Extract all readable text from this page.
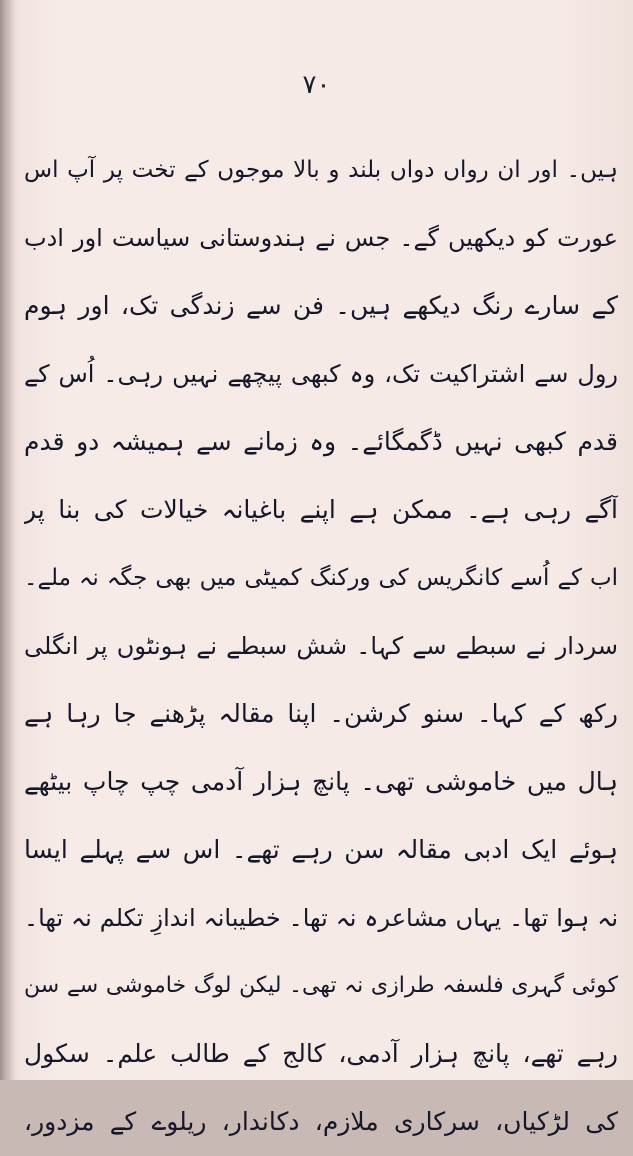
۷۰
ہیں۔ اور ان رواں دواں بلند و بالا موجوں کے تخت پر آپ اس
عورت کو دیکھیں گے۔ جس نے ہندوستانی سیاست اور ادب
کے سارے رنگ دیکھے ہیں۔ فن سے زندگی تک، اور ہوم
رول سے اشتراکیت تک، وہ کبھی پیچھے نہیں رہی۔ اُس کے
قدم کبھی نہیں ڈگمگائے۔ وہ زمانے سے ہمیشہ دو قدم
آگے رہی ہے۔ ممکن ہے اپنے باغیانہ خیالات کی بنا پر
اب کے اُسے کانگریس کی ورکنگ کمیٹی میں بھی جگہ نہ ملے۔
سردار نے سبطے سے کہا۔ شش سبطے نے ہونٹوں پر انگلی
رکھ کے کہا۔ سنو کرشن۔ اپنا مقالہ پڑھنے جا رہا ہے
ہال میں خاموشی تھی۔ پانچ ہزار آدمی چپ چاپ بیٹھے
ہوئے ایک ادبی مقالہ سن رہے تھے۔ اس سے پہلے ایسا
نہ ہوا تھا۔ یہاں مشاعرہ نہ تھا۔ خطیبانہ اندازِ تکلم نہ تھا۔
کوئی گہری فلسفہ طرازی نہ تھی۔ لیکن لوگ خاموشی سے سن
رہے تھے، پانچ ہزار آدمی، کالج کے طالب علم۔ سکول
کی لڑکیاں، سرکاری ملازم، دکاندار، ریلوے کے مزدور،
